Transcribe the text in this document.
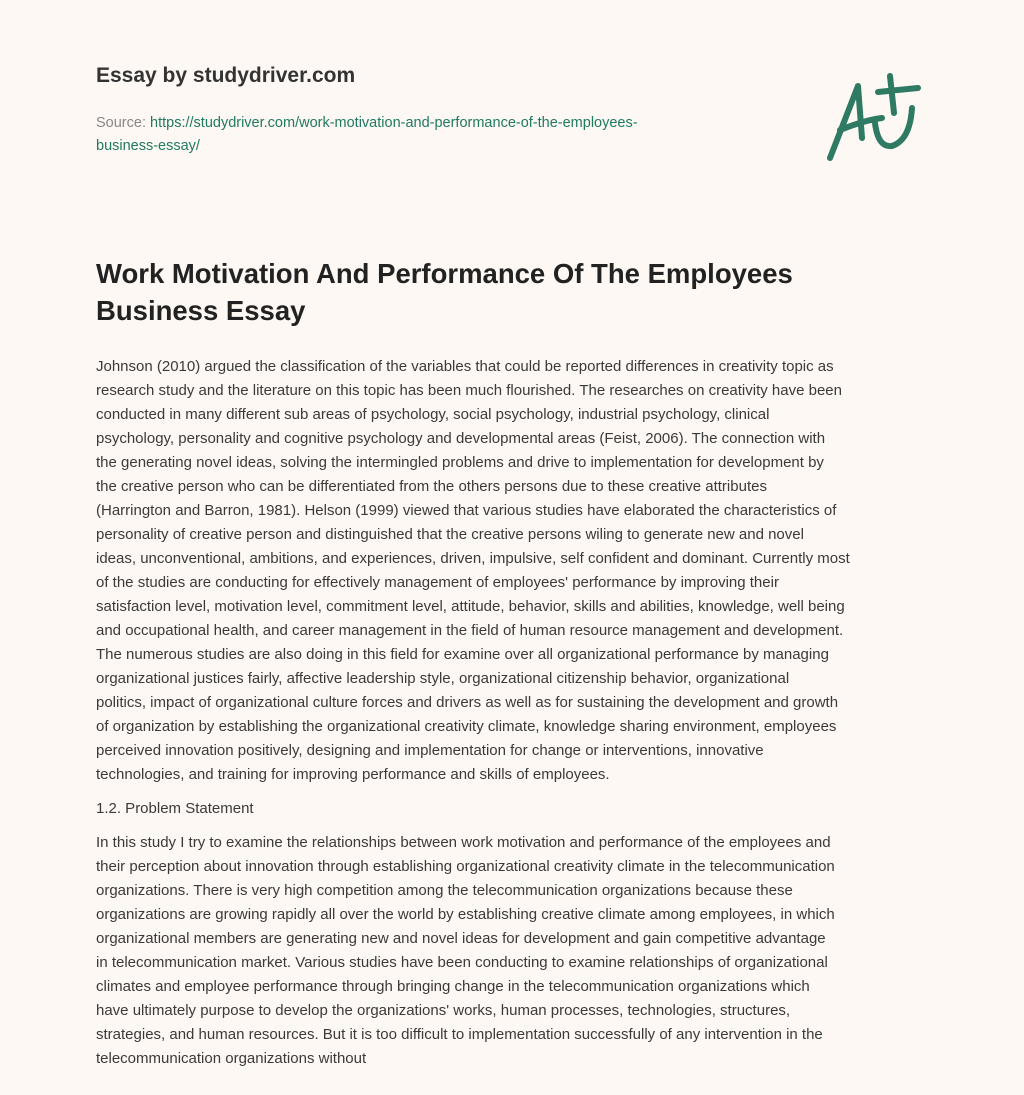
Essay by studydriver.com
Source: https://studydriver.com/work-motivation-and-performance-of-the-employees-
business-essay/
Work Motivation And Performance Of The Employees
Business Essay
Johnson (2010) argued the classification of the variables that could be reported differences in creativity topic as
research study and the literature on this topic has been much flourished. The researches on creativity have been
conducted in many different sub areas of psychology, social psychology, industrial psychology, clinical
psychology, personality and cognitive psychology and developmental areas (Feist, 2006). The connection with
the generating novel ideas, solving the intermingled problems and drive to implementation for development by
the creative person who can be differentiated from the others persons due to these creative attributes
(Harrington and Barron, 1981). Helson (1999) viewed that various studies have elaborated the characteristics of
personality of creative person and distinguished that the creative persons wiling to generate new and novel
ideas, unconventional, ambitions, and experiences, driven, impulsive, self confident and dominant. Currently most
of the studies are conducting for effectively management of employees' performance by improving their
satisfaction level, motivation level, commitment level, attitude, behavior, skills and abilities, knowledge, well being
and occupational health, and career management in the field of human resource management and development.
The numerous studies are also doing in this field for examine over all organizational performance by managing
organizational justices fairly, affective leadership style, organizational citizenship behavior, organizational
politics, impact of organizational culture forces and drivers as well as for sustaining the development and growth
of organization by establishing the organizational creativity climate, knowledge sharing environment, employees
perceived innovation positively, designing and implementation for change or interventions, innovative
technologies, and training for improving performance and skills of employees.
1.2. Problem Statement
In this study I try to examine the relationships between work motivation and performance of the employees and
their perception about innovation through establishing organizational creativity climate in the telecommunication
organizations. There is very high competition among the telecommunication organizations because these
organizations are growing rapidly all over the world by establishing creative climate among employees, in which
organizational members are generating new and novel ideas for development and gain competitive advantage
in telecommunication market. Various studies have been conducting to examine relationships of organizational
climates and employee performance through bringing change in the telecommunication organizations which
have ultimately purpose to develop the organizations' works, human processes, technologies, structures,
strategies, and human resources. But it is too difficult to implementation successfully of any intervention in the
telecommunication organizations without
